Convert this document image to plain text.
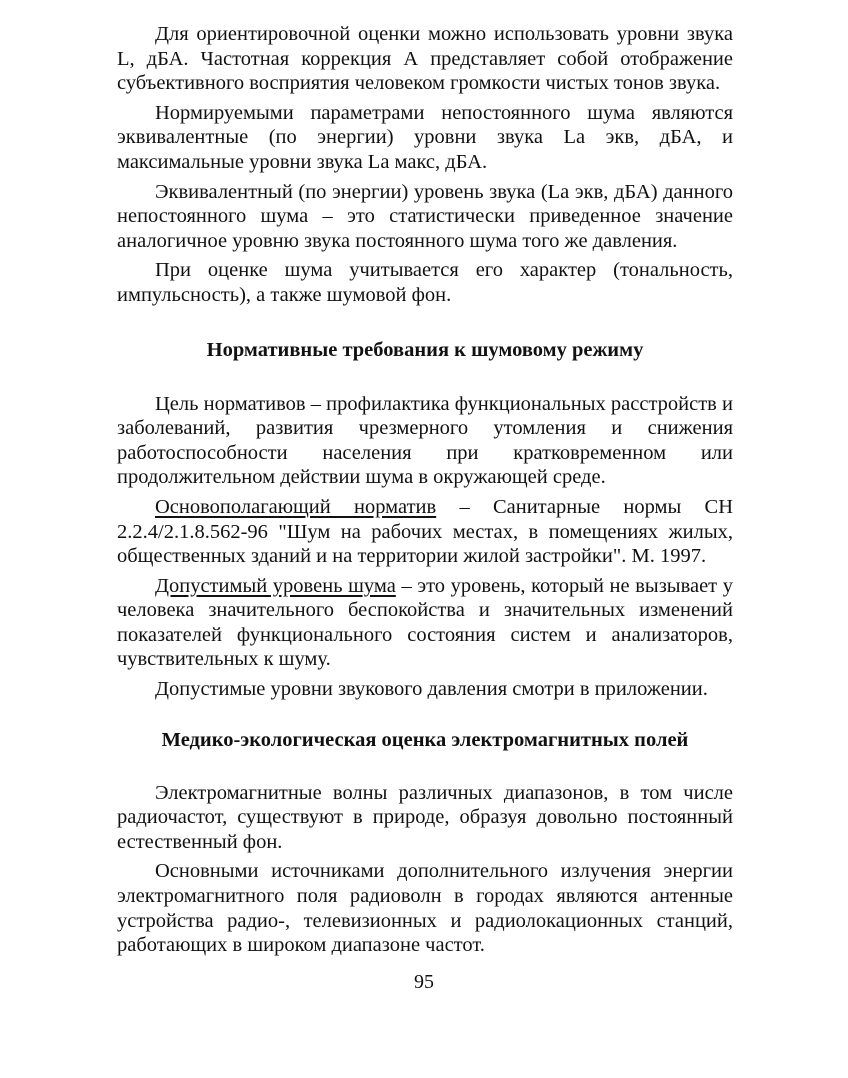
Для ориентировочной оценки можно использовать уровни звука L, дБА. Частотная коррекция А представляет собой отображение субъективного восприятия человеком громкости чистых тонов звука.

Нормируемыми параметрами непостоянного шума являются эквивалентные (по энергии) уровни звука La экв, дБА, и максимальные уровни звука La макс, дБА.

Эквивалентный (по энергии) уровень звука (La экв, дБА) данного непостоянного шума – это статистически приведенное значение аналогичное уровню звука постоянного шума того же давления.

При оценке шума учитывается его характер (тональность, импульсность), а также шумовой фон.

Нормативные требования к шумовому режиму

Цель нормативов – профилактика функциональных расстройств и заболеваний, развития чрезмерного утомления и снижения работоспособности населения при кратковременном или продолжительном действии шума в окружающей среде.

Основополагающий норматив – Санитарные нормы СН 2.2.4/2.1.8.562-96 "Шум на рабочих местах, в помещениях жилых, общественных зданий и на территории жилой застройки". М. 1997.

Допустимый уровень шума – это уровень, который не вызывает у человека значительного беспокойства и значительных изменений показателей функционального состояния систем и анализаторов, чувствительных к шуму.

Допустимые уровни звукового давления смотри в приложении.

Медико-экологическая оценка электромагнитных полей

Электромагнитные волны различных диапазонов, в том числе радиочастот, существуют в природе, образуя довольно постоянный естественный фон.

Основными источниками дополнительного излучения энергии электромагнитного поля радиоволн в городах являются антенные устройства радио-, телевизионных и радиолокационных станций, работающих в широком диапазоне частот.

95
